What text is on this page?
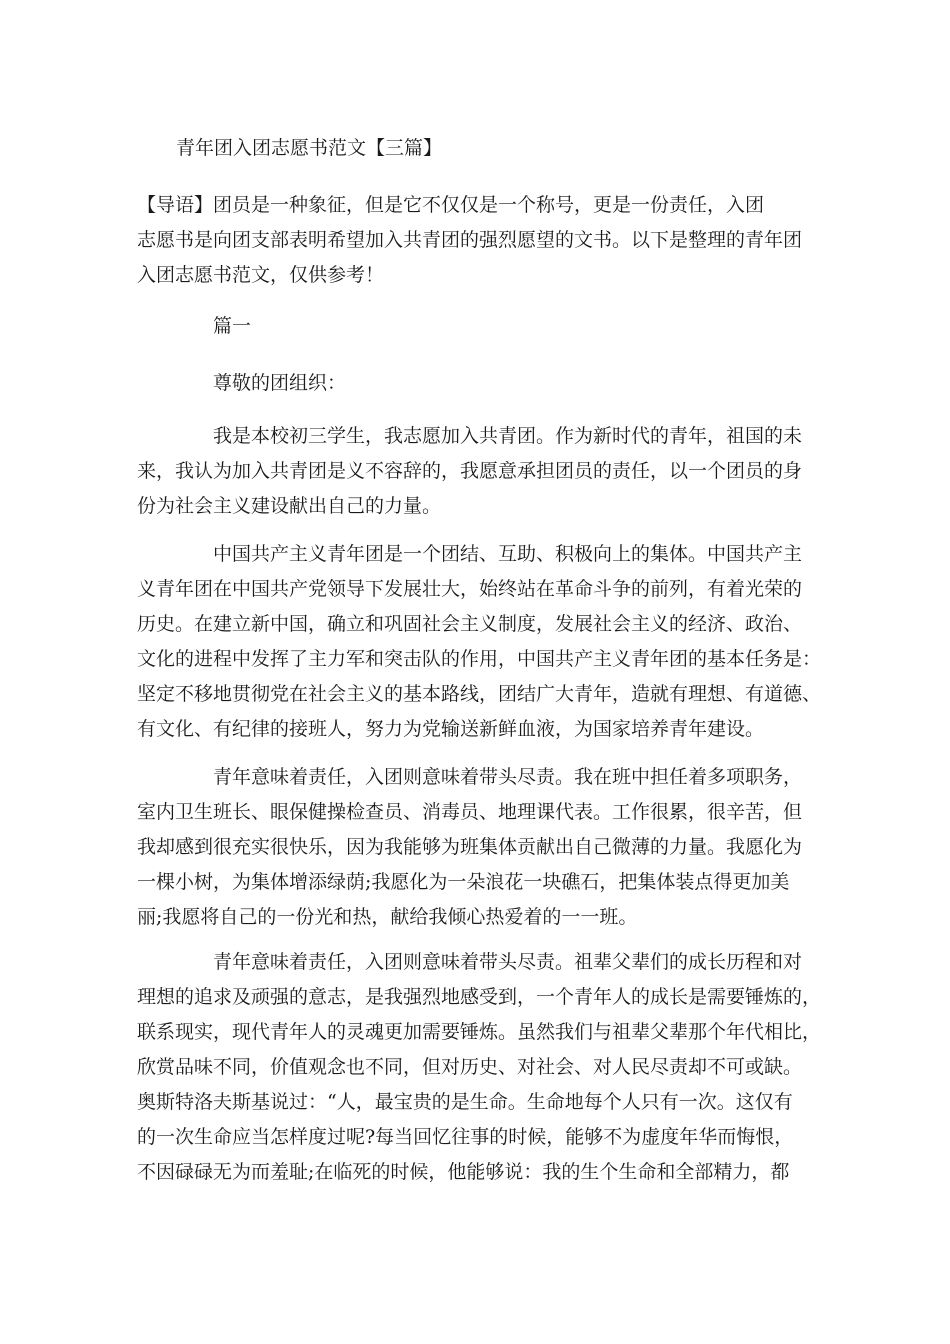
青年团入团志愿书范文【三篇】
【导语】团员是一种象征，但是它不仅仅是一个称号，更是一份责任，入团
志愿书是向团支部表明希望加入共青团的强烈愿望的文书。以下是整理的青年团
入团志愿书范文，仅供参考！
篇一
尊敬的团组织：
我是本校初三学生，我志愿加入共青团。作为新时代的青年，祖国的未
来，我认为加入共青团是义不容辞的，我愿意承担团员的责任，以一个团员的身
份为社会主义建设献出自己的力量。
中国共产主义青年团是一个团结、互助、积极向上的集体。中国共产主
义青年团在中国共产党领导下发展壮大，始终站在革命斗争的前列，有着光荣的
历史。在建立新中国，确立和巩固社会主义制度，发展社会主义的经济、政治、
文化的进程中发挥了主力军和突击队的作用，中国共产主义青年团的基本任务是：
坚定不移地贯彻党在社会主义的基本路线，团结广大青年，造就有理想、有道德、
有文化、有纪律的接班人，努力为党输送新鲜血液，为国家培养青年建设。
青年意味着责任，入团则意味着带头尽责。我在班中担任着多项职务，
室内卫生班长、眼保健操检查员、消毒员、地理课代表。工作很累，很辛苦，但
我却感到很充实很快乐，因为我能够为班集体贡献出自己微薄的力量。我愿化为
一棵小树，为集体增添绿荫;我愿化为一朵浪花一块礁石，把集体装点得更加美
丽;我愿将自己的一份光和热，献给我倾心热爱着的一一班。
青年意味着责任，入团则意味着带头尽责。祖辈父辈们的成长历程和对
理想的追求及顽强的意志，是我强烈地感受到，一个青年人的成长是需要锤炼的，
联系现实，现代青年人的灵魂更加需要锤炼。虽然我们与祖辈父辈那个年代相比，
欣赏品味不同，价值观念也不同，但对历史、对社会、对人民尽责却不可或缺。
奥斯特洛夫斯基说过：“人，最宝贵的是生命。生命地每个人只有一次。这仅有
的一次生命应当怎样度过呢?每当回忆往事的时候，能够不为虚度年华而悔恨，
不因碌碌无为而羞耻;在临死的时候，他能够说：我的生个生命和全部精力，都
